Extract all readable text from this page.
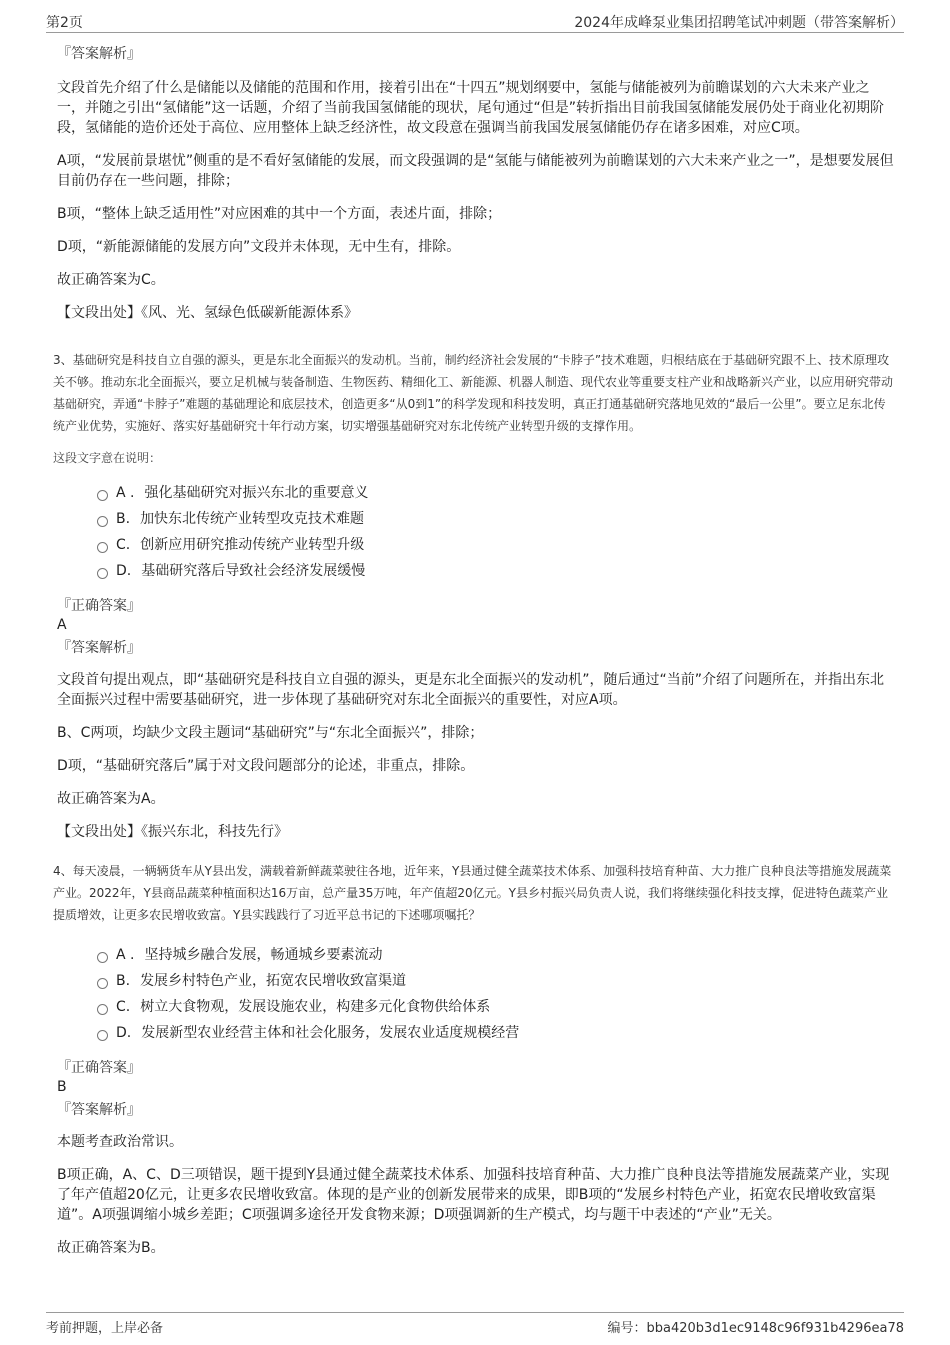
第2页	2024年成峰泵业集团招聘笔试冲刺题（带答案解析）
『答案解析』

文段首先介绍了什么是储能以及储能的范围和作用，接着引出在“十四五”规划纲要中，氢能与储能被列为前瞻谋划的六大未来产业之一，并随之引出“氢储能”这一话题，介绍了当前我国氢储能的现状，尾句通过“但是”转折指出目前我国氢储能发展仍处于商业化初期阶段，氢储能的造价还处于高位、应用整体上缺乏经济性，故文段意在强调当前我国发展氢储能仍存在诸多困难，对应C项。

A项，“发展前景堪忧”侧重的是不看好氢储能的发展，而文段强调的是“氢能与储能被列为前瞻谋划的六大未来产业之一”，是想要发展但目前仍存在一些问题，排除；

B项，“整体上缺乏适用性”对应困难的其中一个方面，表述片面，排除；

D项，“新能源储能的发展方向”文段并未体现，无中生有，排除。

故正确答案为C。

【文段出处】《风、光、氢绿色低碳新能源体系》

3、基础研究是科技自立自强的源头，更是东北全面振兴的发动机。当前，制约经济社会发展的“卡脖子”技术难题，归根结底在于基础研究跟不上、技术原理攻关不够。推动东北全面振兴，要立足机械与装备制造、生物医药、精细化工、新能源、机器人制造、现代农业等重要支柱产业和战略新兴产业，以应用研究带动基础研究，弄通“卡脖子”难题的基础理论和底层技术，创造更多“从0到1”的科学发现和科技发明，真正打通基础研究落地见效的“最后一公里”。要立足东北传统产业优势，实施好、落实好基础研究十年行动方案，切实增强基础研究对东北传统产业转型升级的支撑作用。

这段文字意在说明：

A . 强化基础研究对振兴东北的重要意义
B. 加快东北传统产业转型攻克技术难题
C. 创新应用研究推动传统产业转型升级
D. 基础研究落后导致社会经济发展缓慢
『正确答案』
A
『答案解析』

文段首句提出观点，即“基础研究是科技自立自强的源头，更是东北全面振兴的发动机”，随后通过“当前”介绍了问题所在，并指出东北全面振兴过程中需要基础研究，进一步体现了基础研究对东北全面振兴的重要性，对应A项。

B、C两项，均缺少文段主题词“基础研究”与“东北全面振兴”，排除；

D项，“基础研究落后”属于对文段问题部分的论述，非重点，排除。

故正确答案为A。

【文段出处】《振兴东北，科技先行》

4、每天凌晨，一辆辆货车从Y县出发，满载着新鲜蔬菜驶往各地，近年来，Y县通过健全蔬菜技术体系、加强科技培育种苗、大力推广良种良法等措施发展蔬菜产业。2022年，Y县商品蔬菜种植面积达16万亩，总产量35万吨，年产值超20亿元。Y县乡村振兴局负责人说，我们将继续强化科技支撑，促进特色蔬菜产业提质增效，让更多农民增收致富。Y县实践践行了习近平总书记的下述哪项嘱托？

A . 坚持城乡融合发展，畅通城乡要素流动
B. 发展乡村特色产业，拓宽农民增收致富渠道
C. 树立大食物观，发展设施农业，构建多元化食物供给体系
D. 发展新型农业经营主体和社会化服务，发展农业适度规模经营
『正确答案』
B
『答案解析』

本题考查政治常识。

B项正确，A、C、D三项错误，题干提到Y县通过健全蔬菜技术体系、加强科技培育种苗、大力推广良种良法等措施发展蔬菜产业，实现了年产值超20亿元，让更多农民增收致富。体现的是产业的创新发展带来的成果，即B项的“发展乡村特色产业，拓宽农民增收致富渠道”。A项强调缩小城乡差距；C项强调多途径开发食物来源；D项强调新的生产模式，均与题干中表述的“产业”无关。

故正确答案为B。

考前押题，上岸必备	编号：bba420b3d1ec9148c96f931b4296ea78
